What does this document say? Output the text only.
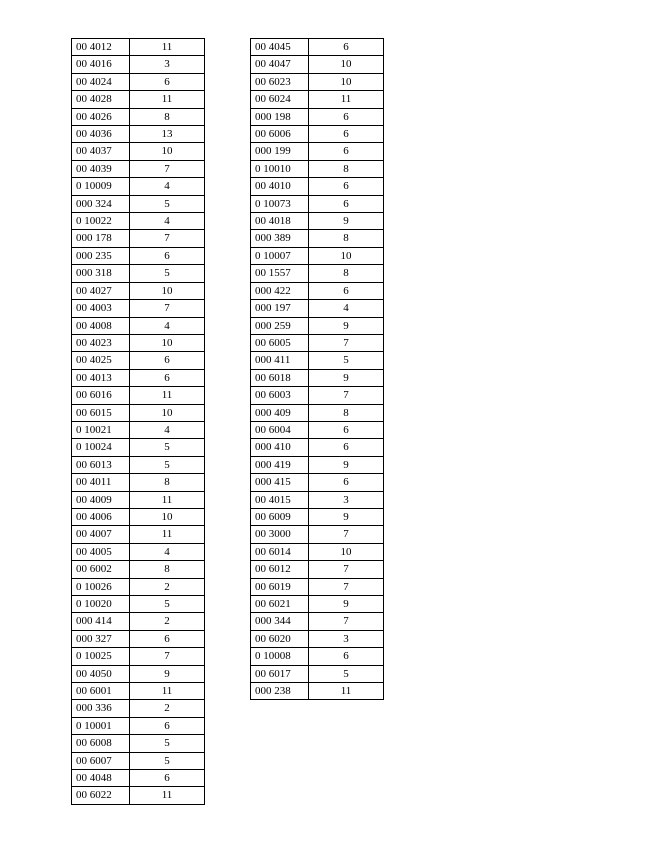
00 4012	11
00 4016	3
00 4024	6
00 4028	11
00 4026	8
00 4036	13
00 4037	10
00 4039	7
0 10009	4
000 324	5
0 10022	4
000 178	7
000 235	6
000 318	5
00 4027	10
00 4003	7
00 4008	4
00 4023	10
00 4025	6
00 4013	6
00 6016	11
00 6015	10
0 10021	4
0 10024	5
00 6013	5
00 4011	8
00 4009	11
00 4006	10
00 4007	11
00 4005	4
00 6002	8
0 10026	2
0 10020	5
000 414	2
000 327	6
0 10025	7
00 4050	9
00 6001	11
000 336	2
0 10001	6
00 6008	5
00 6007	5
00 4048	6
00 6022	11
00 4045	6
00 4047	10
00 6023	10
00 6024	11
000 198	6
00 6006	6
000 199	6
0 10010	8
00 4010	6
0 10073	6
00 4018	9
000 389	8
0 10007	10
00 1557	8
000 422	6
000 197	4
000 259	9
00 6005	7
000 411	5
00 6018	9
00 6003	7
000 409	8
00 6004	6
000 410	6
000 419	9
000 415	6
00 4015	3
00 6009	9
00 3000	7
00 6014	10
00 6012	7
00 6019	7
00 6021	9
000 344	7
00 6020	3
0 10008	6
00 6017	5
000 238	11
